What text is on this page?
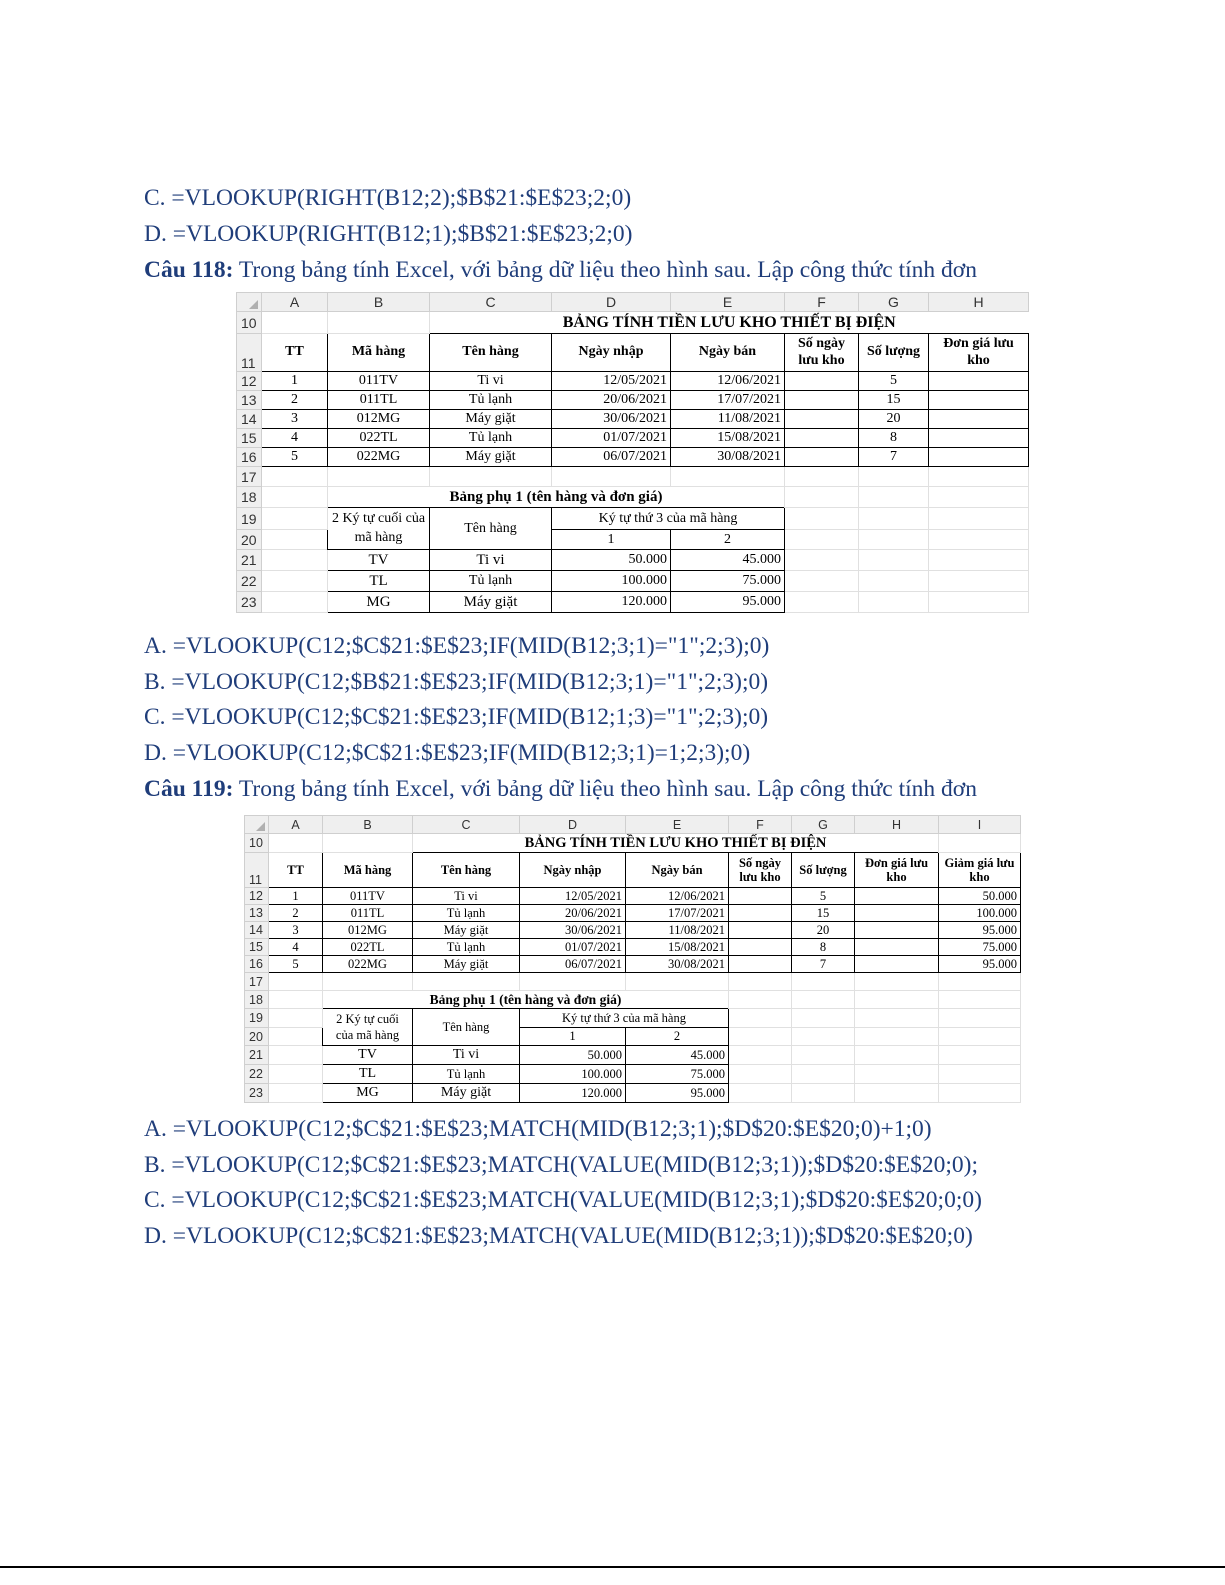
C. =VLOOKUP(RIGHT(B12;2);$B$21:$E$23;2;0)
D. =VLOOKUP(RIGHT(B12;1);$B$21:$E$23;2;0)
Câu 118: Trong bảng tính Excel, với bảng dữ liệu theo hình sau. Lập công thức tính đơn
	A	B	C	D	E	F	G	H
10			BẢNG TÍNH TIỀN LƯU KHO THIẾT BỊ ĐIỆN					
11	TT	Mã hàng	Tên hàng	Ngày nhập	Ngày bán	Số ngày lưu kho	Số lượng	Đơn giá lưu kho
12	1	011TV	Ti vi	12/05/2021	12/06/2021		5	
13	2	011TL	Tủ lạnh	20/06/2021	17/07/2021		15	
14	3	012MG	Máy giặt	30/06/2021	11/08/2021		20	
15	4	022TL	Tủ lạnh	01/07/2021	15/08/2021		8	
16	5	022MG	Máy giặt	06/07/2021	30/08/2021		7	
17								
18		Bảng phụ 1 (tên hàng và đơn giá)						
19		2 Ký tự cuối của mã hàng	Tên hàng	Ký tự thứ 3 của mã hàng				
20				1	2			
21		TV	Ti vi	50.000	45.000			
22		TL	Tủ lạnh	100.000	75.000			
23		MG	Máy giặt	120.000	95.000			
A. =VLOOKUP(C12;$C$21:$E$23;IF(MID(B12;3;1)="1";2;3);0)
B. =VLOOKUP(C12;$B$21:$E$23;IF(MID(B12;3;1)="1";2;3);0)
C. =VLOOKUP(C12;$C$21:$E$23;IF(MID(B12;1;3)="1";2;3);0)
D. =VLOOKUP(C12;$C$21:$E$23;IF(MID(B12;3;1)=1;2;3);0)
Câu 119: Trong bảng tính Excel, với bảng dữ liệu theo hình sau. Lập công thức tính đơn
	A	B	C	D	E	F	G	H	I
10			BẢNG TÍNH TIỀN LƯU KHO THIẾT BỊ ĐIỆN						
11	TT	Mã hàng	Tên hàng	Ngày nhập	Ngày bán	Số ngày lưu kho	Số lượng	Đơn giá lưu kho	Giảm giá lưu kho
12	1	011TV	Ti vi	12/05/2021	12/06/2021		5		50.000
13	2	011TL	Tủ lạnh	20/06/2021	17/07/2021		15		100.000
14	3	012MG	Máy giặt	30/06/2021	11/08/2021		20		95.000
15	4	022TL	Tủ lạnh	01/07/2021	15/08/2021		8		75.000
16	5	022MG	Máy giặt	06/07/2021	30/08/2021		7		95.000
17									
18		Bảng phụ 1 (tên hàng và đơn giá)							
19		2 Ký tự cuối của mã hàng	Tên hàng	Ký tự thứ 3 của mã hàng					
20				1	2				
21		TV	Ti vi	50.000	45.000				
22		TL	Tủ lạnh	100.000	75.000				
23		MG	Máy giặt	120.000	95.000				
A. =VLOOKUP(C12;$C$21:$E$23;MATCH(MID(B12;3;1);$D$20:$E$20;0)+1;0)
B. =VLOOKUP(C12;$C$21:$E$23;MATCH(VALUE(MID(B12;3;1));$D$20:$E$20;0);
C. =VLOOKUP(C12;$C$21:$E$23;MATCH(VALUE(MID(B12;3;1);$D$20:$E$20;0;0)
D. =VLOOKUP(C12;$C$21:$E$23;MATCH(VALUE(MID(B12;3;1));$D$20:$E$20;0)
